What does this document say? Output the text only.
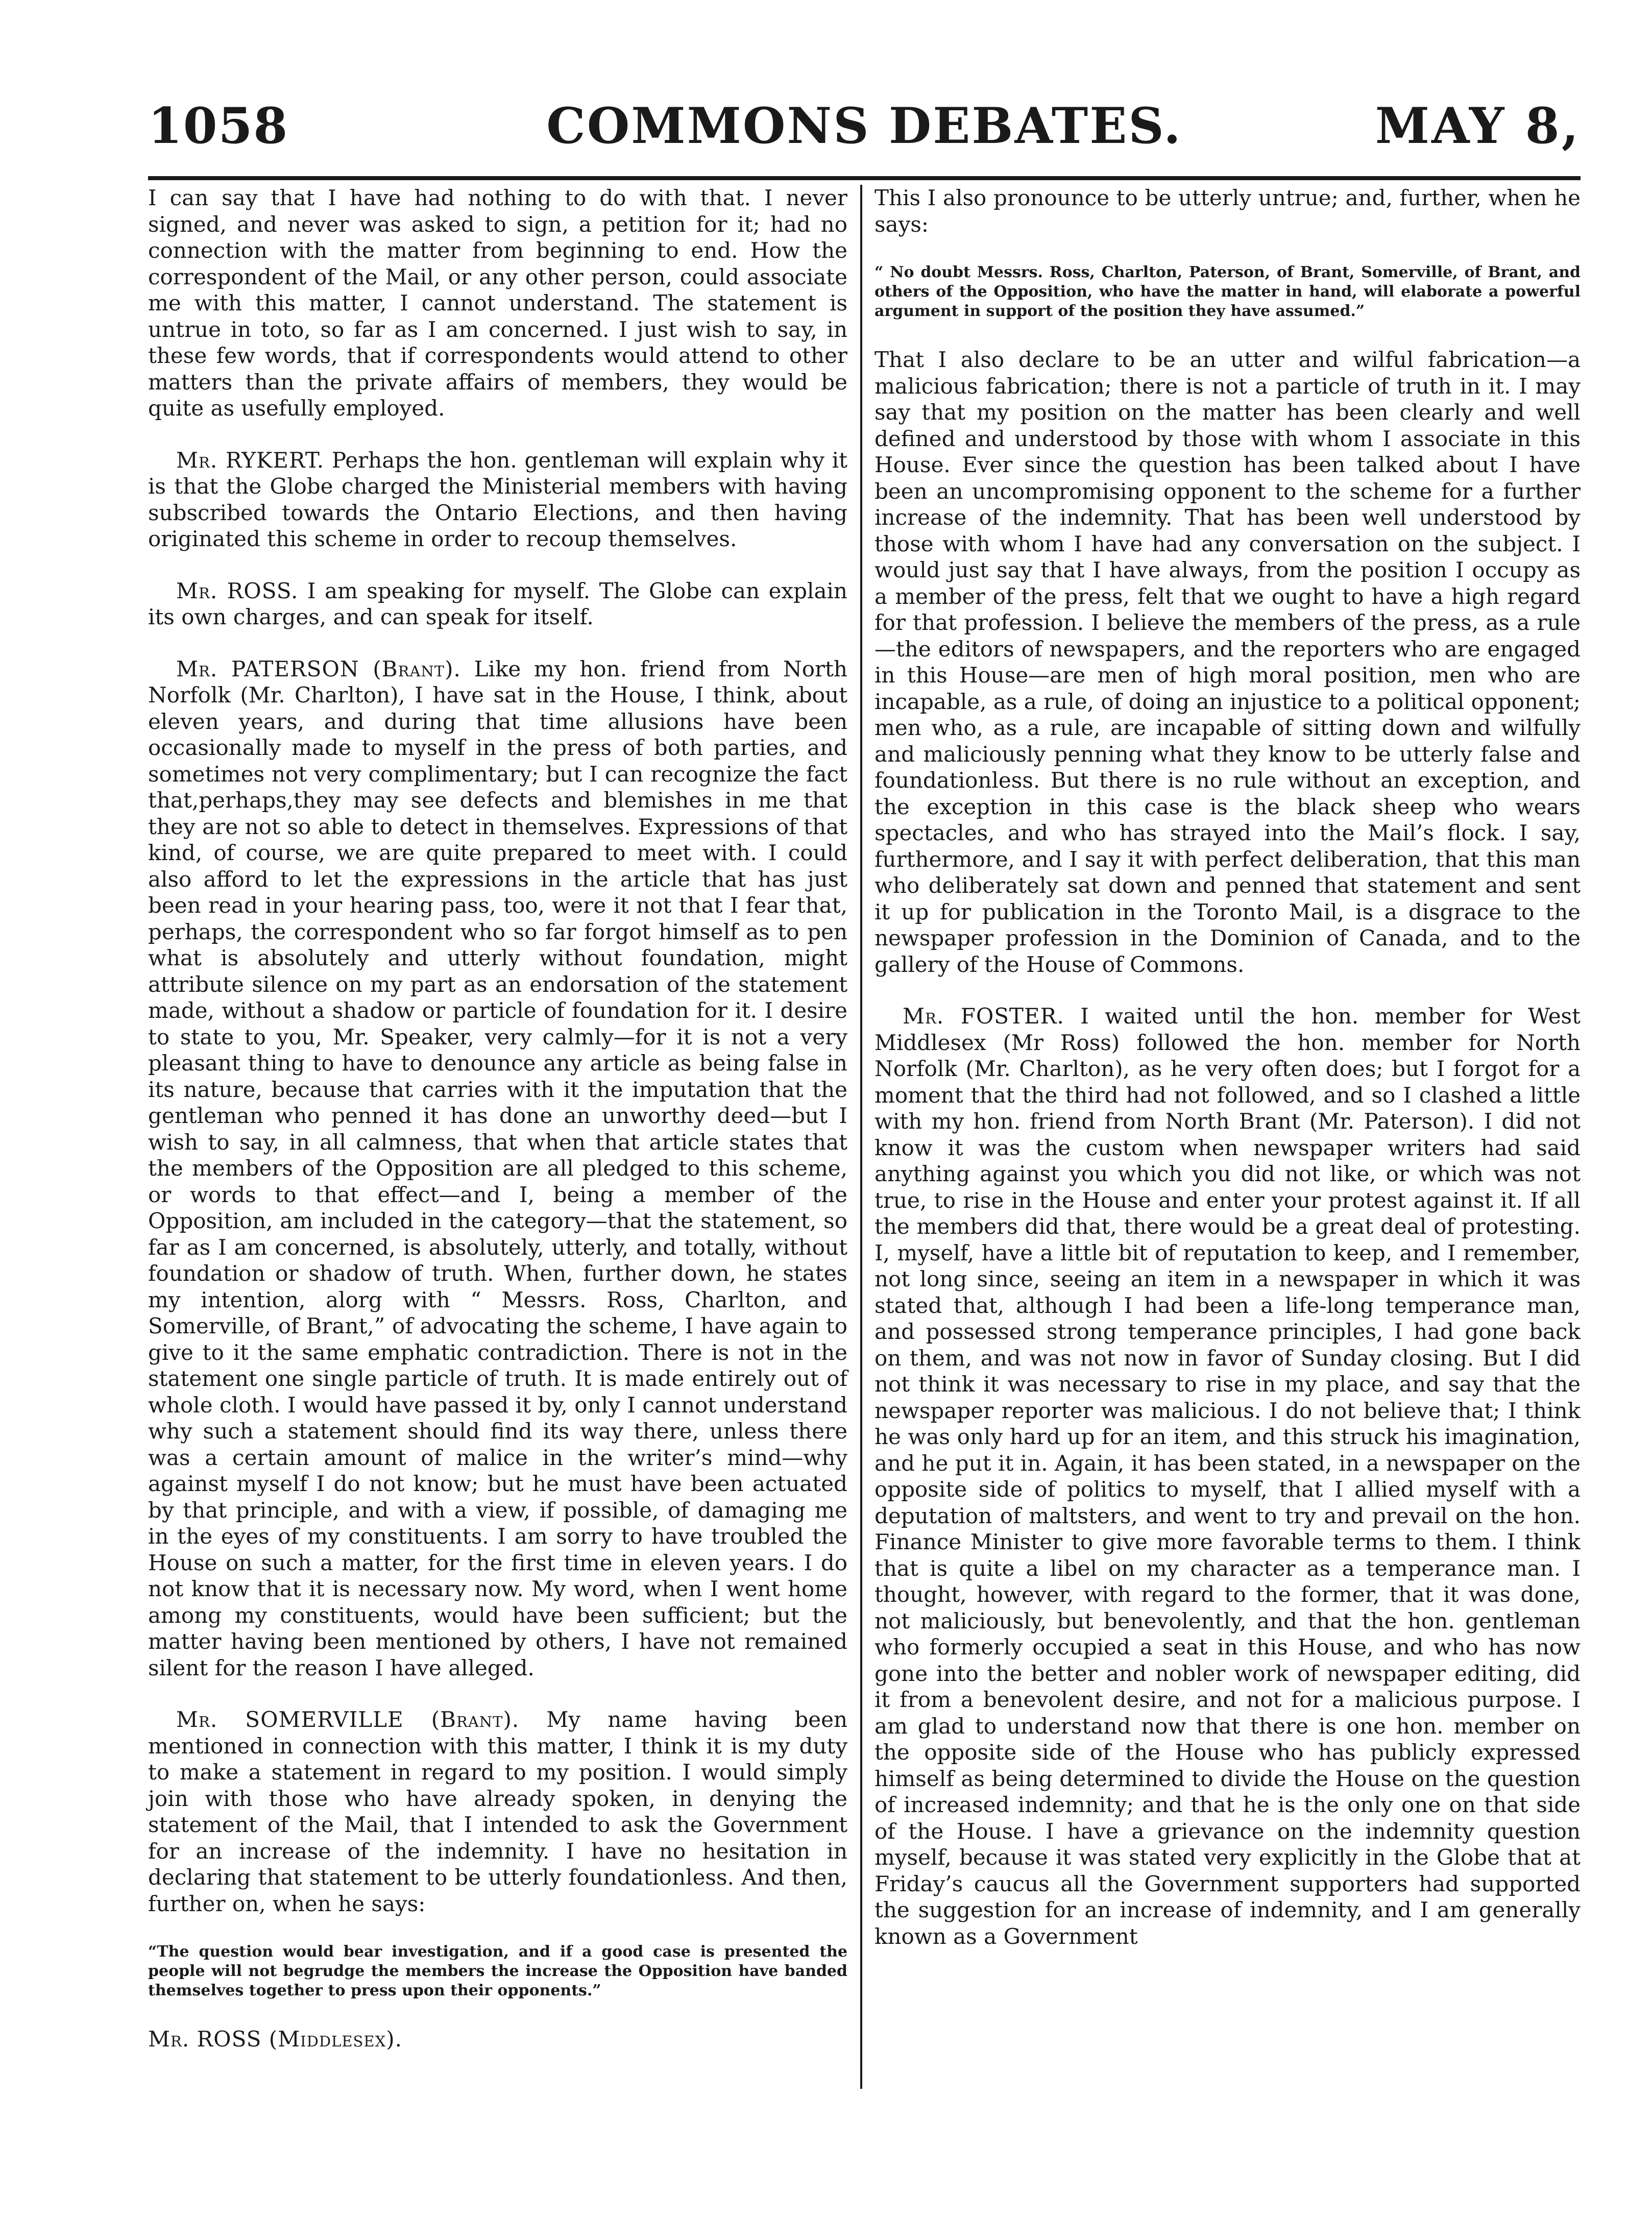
1058	COMMONS DEBATES.	MAY 8,

I can say that I have had nothing to do with that. I never signed, and never was asked to sign, a petition for it; had no connection with the matter from beginning to end. How the correspondent of the Mail, or any other person, could associate me with this matter, I cannot understand. The statement is untrue in toto, so far as I am concerned. I just wish to say, in these few words, that if correspondents would attend to other matters than the private affairs of members, they would be quite as usefully employed.

Mr. RYKERT. Perhaps the hon. gentleman will explain why it is that the Globe charged the Ministerial members with having subscribed towards the Ontario Elections, and then having originated this scheme in order to recoup themselves.

Mr. ROSS. I am speaking for myself. The Globe can explain its own charges, and can speak for itself.

Mr. PATERSON (Brant). Like my hon. friend from North Norfolk (Mr. Charlton), I have sat in the House, I think, about eleven years, and during that time allusions have been occasionally made to myself in the press of both parties, and sometimes not very complimentary; but I can recognize the fact that,perhaps,they may see defects and blemishes in me that they are not so able to detect in themselves. Expressions of that kind, of course, we are quite prepared to meet with. I could also afford to let the expressions in the article that has just been read in your hearing pass, too, were it not that I fear that, perhaps, the correspondent who so far forgot himself as to pen what is absolutely and utterly without foundation, might attribute silence on my part as an endorsation of the statement made, without a shadow or particle of foundation for it. I desire to state to you, Mr. Speaker, very calmly—for it is not a very pleasant thing to have to denounce any article as being false in its nature, because that carries with it the imputation that the gentleman who penned it has done an unworthy deed—but I wish to say, in all calmness, that when that article states that the members of the Opposition are all pledged to this scheme, or words to that effect—and I, being a member of the Opposition, am included in the category—that the statement, so far as I am concerned, is absolutely, utterly, and totally, without foundation or shadow of truth. When, further down, he states my intention, alorg with “ Messrs. Ross, Charlton, and Somerville, of Brant,” of advocating the scheme, I have again to give to it the same emphatic contradiction. There is not in the statement one single particle of truth. It is made entirely out of whole cloth. I would have passed it by, only I cannot understand why such a statement should find its way there, unless there was a certain amount of malice in the writer’s mind—why against myself I do not know; but he must have been actuated by that principle, and with a view, if possible, of damaging me in the eyes of my constituents. I am sorry to have troubled the House on such a matter, for the first time in eleven years. I do not know that it is necessary now. My word, when I went home among my constituents, would have been sufficient; but the matter having been mentioned by others, I have not remained silent for the reason I have alleged.

Mr. SOMERVILLE (Brant). My name having been mentioned in connection with this matter, I think it is my duty to make a statement in regard to my position. I would simply join with those who have already spoken, in denying the statement of the Mail, that I intended to ask the Government for an increase of the indemnity. I have no hesitation in declaring that statement to be utterly foundationless. And then, further on, when he says:

“The question would bear investigation, and if a good case is presented the people will not begrudge the members the increase the Opposition have banded themselves together to press upon their opponents.”

Mr. ROSS (Middlesex).

This I also pronounce to be utterly untrue; and, further, when he says:

“ No doubt Messrs. Ross, Charlton, Paterson, of Brant, Somerville, of Brant, and others of the Opposition, who have the matter in hand, will elaborate a powerful argument in support of the position they have assumed.”

That I also declare to be an utter and wilful fabrication—a malicious fabrication; there is not a particle of truth in it. I may say that my position on the matter has been clearly and well defined and understood by those with whom I associate in this House. Ever since the question has been talked about I have been an uncompromising opponent to the scheme for a further increase of the indemnity. That has been well understood by those with whom I have had any conversation on the subject. I would just say that I have always, from the position I occupy as a member of the press, felt that we ought to have a high regard for that profession. I believe the members of the press, as a rule—the editors of newspapers, and the reporters who are engaged in this House—are men of high moral position, men who are incapable, as a rule, of doing an injustice to a political opponent; men who, as a rule, are incapable of sitting down and wilfully and maliciously penning what they know to be utterly false and foundationless. But there is no rule without an exception, and the exception in this case is the black sheep who wears spectacles, and who has strayed into the Mail’s flock. I say, furthermore, and I say it with perfect deliberation, that this man who deliberately sat down and penned that statement and sent it up for publication in the Toronto Mail, is a disgrace to the newspaper profession in the Dominion of Canada, and to the gallery of the House of Commons.

Mr. FOSTER. I waited until the hon. member for West Middlesex (Mr Ross) followed the hon. member for North Norfolk (Mr. Charlton), as he very often does; but I forgot for a moment that the third had not followed, and so I clashed a little with my hon. friend from North Brant (Mr. Paterson). I did not know it was the custom when newspaper writers had said anything against you which you did not like, or which was not true, to rise in the House and enter your protest against it. If all the members did that, there would be a great deal of protesting. I, myself, have a little bit of reputation to keep, and I remember, not long since, seeing an item in a newspaper in which it was stated that, although I had been a life-long temperance man, and possessed strong temperance principles, I had gone back on them, and was not now in favor of Sunday closing. But I did not think it was necessary to rise in my place, and say that the newspaper reporter was malicious. I do not believe that; I think he was only hard up for an item, and this struck his imagination, and he put it in. Again, it has been stated, in a newspaper on the opposite side of politics to myself, that I allied myself with a deputation of maltsters, and went to try and prevail on the hon. Finance Minister to give more favorable terms to them. I think that is quite a libel on my character as a temperance man. I thought, however, with regard to the former, that it was done, not maliciously, but benevolently, and that the hon. gentleman who formerly occupied a seat in this House, and who has now gone into the better and nobler work of newspaper editing, did it from a benevolent desire, and not for a malicious purpose. I am glad to understand now that there is one hon. member on the opposite side of the House who has publicly expressed himself as being determined to divide the House on the question of increased indemnity; and that he is the only one on that side of the House. I have a grievance on the indemnity question myself, because it was stated very explicitly in the Globe that at Friday’s caucus all the Government supporters had supported the suggestion for an increase of indemnity, and I am generally known as a Government
